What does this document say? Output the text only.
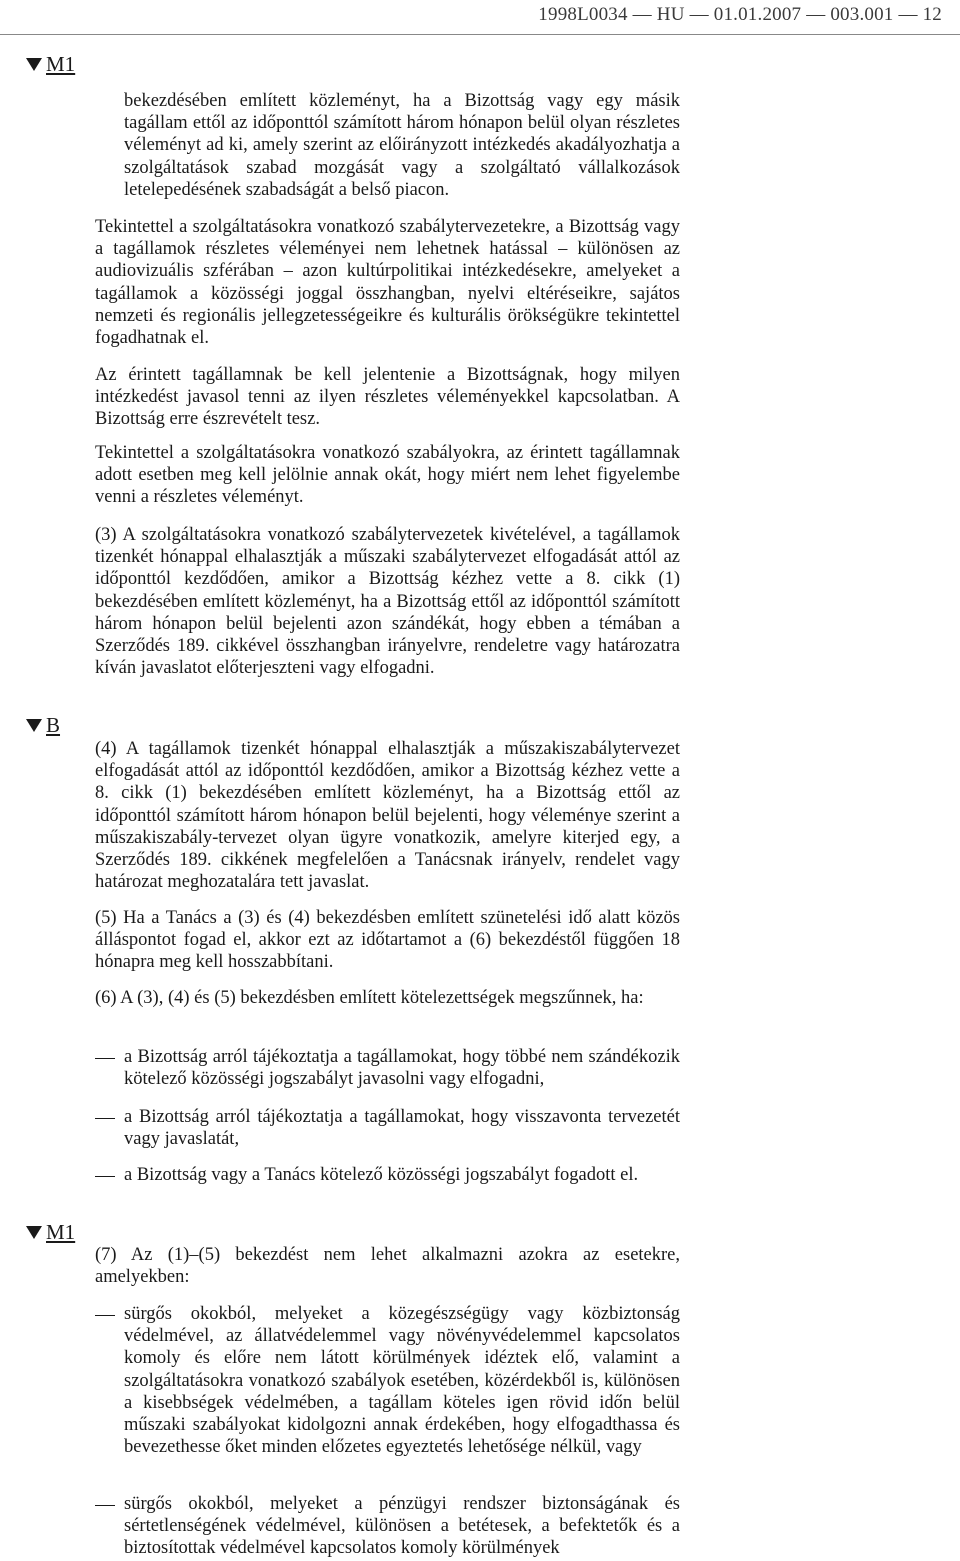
1998L0034 — HU — 01.01.2007 — 003.001 — 12
M1
B
M1

bekezdésében említett közleményt, ha a Bizottság vagy egy másik tagállam ettől az időponttól számított három hónapon belül olyan részletes véleményt ad ki, amely szerint az előirányzott intézkedés akadályozhatja a szolgáltatások szabad mozgását vagy a szolgáltató vállalkozások letelepedésének szabadságát a belső piacon.

Tekintettel a szolgáltatásokra vonatkozó szabálytervezetekre, a Bizottság vagy a tagállamok részletes véleményei nem lehetnek hatással – különösen az audiovizuális szférában – azon kultúrpolitikai intézkedésekre, amelyeket a tagállamok a közösségi joggal összhangban, nyelvi eltéréseikre, sajátos nemzeti és regionális jellegzetességeikre és kulturális örökségükre tekintettel fogadhatnak el.

Az érintett tagállamnak be kell jelentenie a Bizottságnak, hogy milyen intézkedést javasol tenni az ilyen részletes véleményekkel kapcsolatban. A Bizottság erre észrevételt tesz.

Tekintettel a szolgáltatásokra vonatkozó szabályokra, az érintett tagállamnak adott esetben meg kell jelölnie annak okát, hogy miért nem lehet figyelembe venni a részletes véleményt.

(3) A szolgáltatásokra vonatkozó szabálytervezetek kivételével, a tagállamok tizenkét hónappal elhalasztják a műszaki szabálytervezet elfogadását attól az időponttól kezdődően, amikor a Bizottság kézhez vette a 8. cikk (1) bekezdésében említett közleményt, ha a Bizottság ettől az időponttól számított három hónapon belül bejelenti azon szándékát, hogy ebben a témában a Szerződés 189. cikkével összhangban irányelvre, rendeletre vagy határozatra kíván javaslatot előterjeszteni vagy elfogadni.

(4) A tagállamok tizenkét hónappal elhalasztják a műszakiszabálytervezet elfogadását attól az időponttól kezdődően, amikor a Bizottság kézhez vette a 8. cikk (1) bekezdésében említett közleményt, ha a Bizottság ettől az időponttól számított három hónapon belül bejelenti, hogy véleménye szerint a műszakiszabály-tervezet olyan ügyre vonatkozik, amelyre kiterjed egy, a Szerződés 189. cikkének megfelelően a Tanácsnak irányelv, rendelet vagy határozat meghozatalára tett javaslat.

(5) Ha a Tanács a (3) és (4) bekezdésben említett szünetelési idő alatt közös álláspontot fogad el, akkor ezt az időtartamot a (6) bekezdéstől függően 18 hónapra meg kell hosszabbítani.

(6) A (3), (4) és (5) bekezdésben említett kötelezettségek megszűnnek, ha:

a Bizottság arról tájékoztatja a tagállamokat, hogy többé nem szándékozik kötelező közösségi jogszabályt javasolni vagy elfogadni,
a Bizottság arról tájékoztatja a tagállamokat, hogy visszavonta tervezetét vagy javaslatát,
a Bizottság vagy a Tanács kötelező közösségi jogszabályt fogadott el.

(7) Az (1)–(5) bekezdést nem lehet alkalmazni azokra az esetekre, amelyekben:

sürgős okokból, melyeket a közegészségügy vagy közbiztonság védelmével, az állatvédelemmel vagy növényvédelemmel kapcsolatos komoly és előre nem látott körülmények idéztek elő, valamint a szolgáltatásokra vonatkozó szabályok esetében, közérdekből is, különösen a kisebbségek védelmében, a tagállam köteles igen rövid időn belül műszaki szabályokat kidolgozni annak érdekében, hogy elfogadthassa és bevezethesse őket minden előzetes egyeztetés lehetősége nélkül, vagy
sürgős okokból, melyeket a pénzügyi rendszer biztonságának és sértetlenségének védelmével, különösen a betétesek, a befektetők és a biztosítottak védelmével kapcsolatos komoly körülmények
